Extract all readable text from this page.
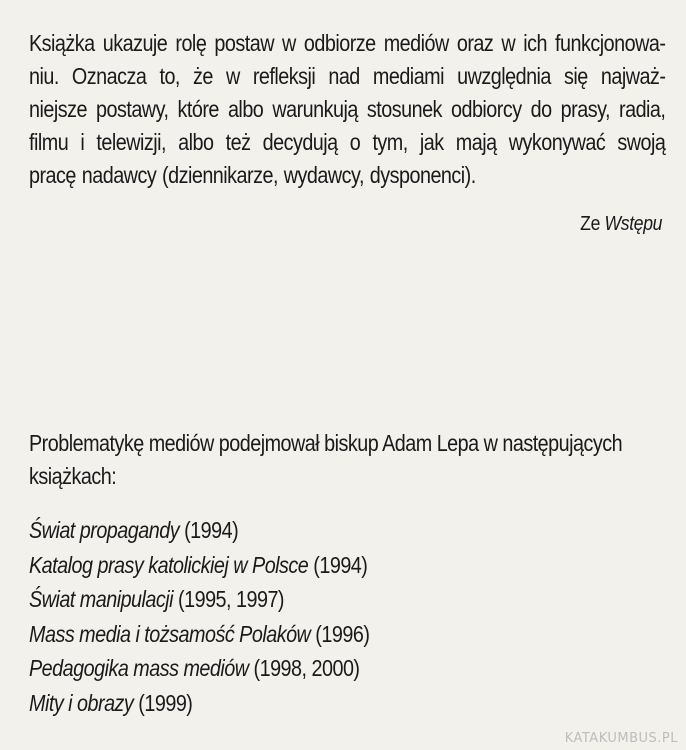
Książka ukazuje rolę postaw w odbiorze mediów oraz w ich funkcjonowa-
niu. Oznacza to, że w refleksji nad mediami uwzględnia się najważ-
niejsze postawy, które albo warunkują stosunek odbiorcy do prasy, radia,
filmu i telewizji, albo też decydują o tym, jak mają wykonywać swoją
pracę nadawcy (dziennikarze, wydawcy, dysponenci).
Ze Wstępu
Problematykę mediów podejmował biskup Adam Lepa w następujących
książkach:
Świat propagandy (1994)
Katalog prasy katolickiej w Polsce (1994)
Świat manipulacji (1995, 1997)
Mass media i tożsamość Polaków (1996)
Pedagogika mass mediów (1998, 2000)
Mity i obrazy (1999)
KATAKUMBUS.PL
